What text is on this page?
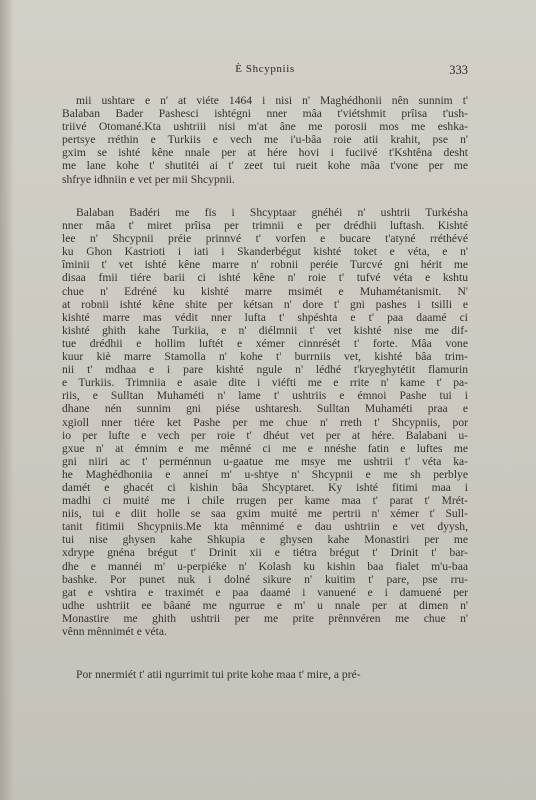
È Shcypniis	333
mii ushtare e n' at viéte 1464 i nisi n' Maghédhonii nên sunnim t'
Balaban Bader Pashesci ishtégni nner mâa t'viétshmit prîisa t'ush-
triivé Otomané.Kta ushtriii nisi m'at âne me porosii mos me eshka-
pertsye rréthin e Turkiis e vech me i'u-bâa roie atii krahit, pse n'
gxim se ishté kêne nnale per at hére hovi i fuciivé t'Kshtêna desht
me lane kohe t' shutitéi ai t' zeet tui rueit kohe mâa t'vone per me
shfrye idhniin e vet per mii Shcypnii.
Balaban Badéri me fis i Shcyptaar gnéhéi n' ushtrii Turkésha
nner mâa t' miret prîisa per trimnii e per drédhii luftash. Kishté
lee n' Shcypnii préie prinnvé t' vorfen e bucare t'atyné rréthévé
ku Ghon Kastrioti i iati i Skanderbégut kishté toket e véta, e n'
îminii t' vet ishté kêne marre n' robnii peréie Turcvé gni hérit me
disaa fmii tiére barii ci ishté kêne n' roie t' tufvé véta e kshtu
chue n' Edréné ku kishté marre msimét e Muhamétanismit. N'
at robnii ishté kêne shite per kétsan n' dore t' gni pashes i tsilli e
kishté marre mas védit nner lufta t' shpéshta e t' paa daamé ci
kishté ghith kahe Turkiia, e n' diélmnii t' vet kishté nise me dif-
tue drédhii e hollim luftét e xémer cinnrését t' forte. Mâa vone
kuur kiè marre Stamolla n' kohe t' burrniis vet, kishté bâa trim-
nii t' mdhaa e i pare kishté ngule n' lédhé t'kryeghytétit flamurin
e Turkiis. Trimniia e asaie dite i viéfti me e rrite n' kame t' pa-
riis, e Sulltan Muhaméti n' lame t' ushtriis e émnoi Pashe tui i
dhane nén sunnim gni piése ushtaresh. Sulltan Muhaméti praa e
xgioll nner tiére ket Pashe per me chue n' rreth t' Shcypniis, por
io per lufte e vech per roie t' dhéut vet per at hére. Balabani u-
gxue n' at émnim e me mênné ci me e nnéshe fatin e luftes me
gni niiri ac t' perménnun u-gaatue me msye me ushtrii t' véta ka-
he Maghédhoniia e anneí m' u-shtye n' Shcypnii e me sh perblye
damét e ghacét ci kishin bâa Shcyptaret. Ky ishté fitimi maa i
madhi ci muité me i chile rrugen per kame maa t' parat t' Mrét-
niis, tui e diit holle se saa gxim muité me pertrii n' xémer t' Sull-
tanit fitimii Shcypniis.Me kta mênnimé e dau ushtriin e vet dyysh,
tui nise ghysen kahe Shkupia e ghysen kahe Monastiri per me
xdrype gnéna brégut t' Drinit xii e tiétra brégut t' Drinit t' bar-
dhe e mannéi m' u-perpiéke n' Kolash ku kishin baa fialet m'u-baa
bashke. Por punet nuk i dolné sikure n' kuitim t' pare, pse rru-
gat e vshtira e traximét e paa daamé i vanuené e i damuené per
udhe ushtriit ee bâané me ngurrue e m' u nnale per at dimen n'
Monastire me ghith ushtrii per me prite prênnvéren me chue n'
vênn mênnimét e véta.
Por nnermiét t' atii ngurrimit tui prite kohe maa t' mire, a pré-
